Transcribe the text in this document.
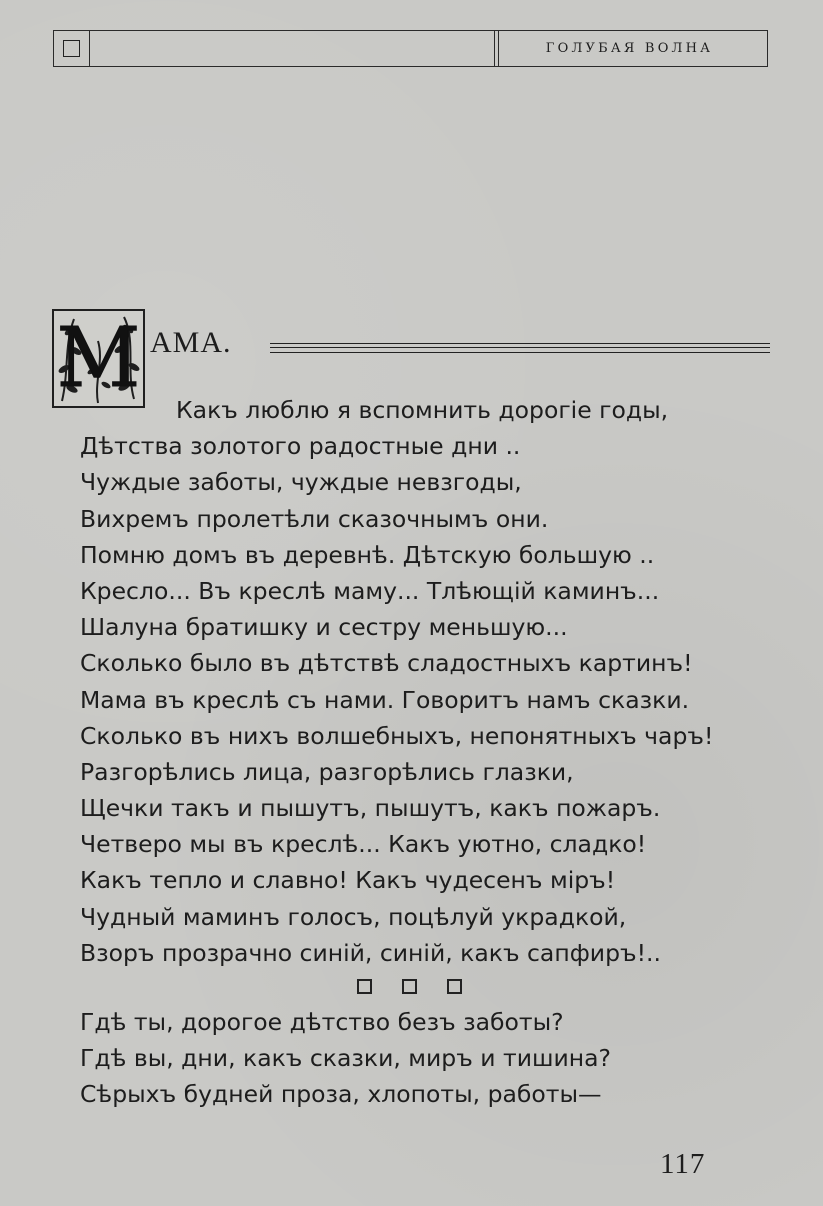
ГОЛУБАЯ ВОЛНА
М АМА.
Какъ люблю я вспомнить дорогiе годы,
Дѣтства золотого радостные дни ..
Чуждые заботы, чуждые невзгоды,
Вихремъ пролетѣли сказочнымъ они.
Помню домъ въ деревнѣ. Дѣтскую большую ..
Кресло... Въ креслѣ маму... Тлѣющiй каминъ...
Шалуна братишку и сестру меньшую...
Сколько было въ дѣтствѣ сладостныхъ картинъ!
Мама въ креслѣ съ нами. Говоритъ намъ сказки.
Сколько въ нихъ волшебныхъ, непонятныхъ чаръ!
Разгорѣлись лица, разгорѣлись глазки,
Щечки такъ и пышутъ, пышутъ, какъ пожаръ.
Четверо мы въ креслѣ... Какъ уютно, сладко!
Какъ тепло и славно! Какъ чудесенъ мiръ!
Чудный маминъ голосъ, поцѣлуй украдкой,
Взоръ прозрачно синiй, синiй, какъ сапфиръ!..
Гдѣ ты, дорогое дѣтство безъ заботы?
Гдѣ вы, дни, какъ сказки, миръ и тишина?
Сѣрыхъ будней проза, хлопоты, работы—
117
